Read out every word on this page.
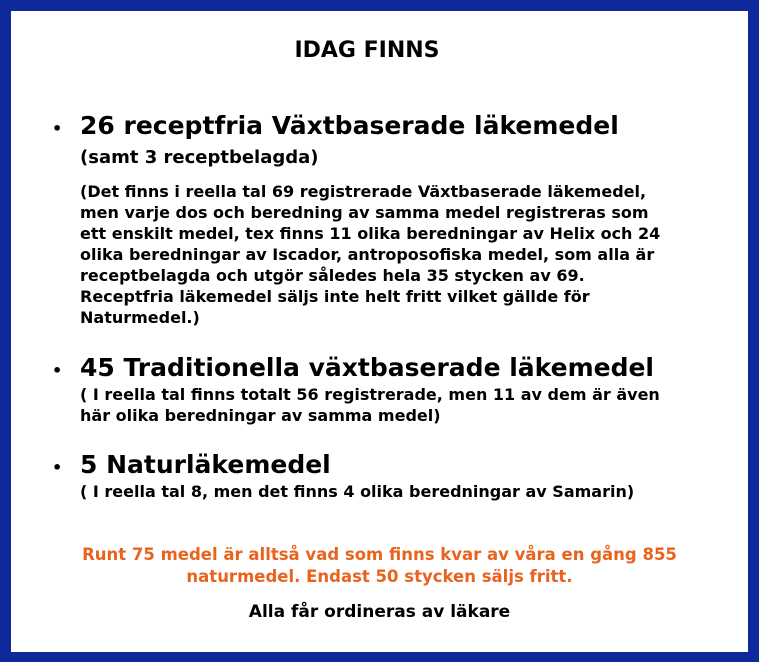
IDAG FINNS
• 26 receptfria Växtbaserade läkemedel
(samt 3 receptbelagda)
(Det finns i reella tal 69 registrerade Växtbaserade läkemedel,
men varje dos och beredning av samma medel registreras som
ett enskilt medel, tex finns 11 olika beredningar av Helix och 24
olika beredningar av Iscador, antroposofiska medel, som alla är
receptbelagda och utgör således hela 35 stycken av 69.
Receptfria läkemedel säljs inte helt fritt vilket gällde för
Naturmedel.)
• 45 Traditionella växtbaserade läkemedel
( I reella tal finns totalt 56 registrerade, men 11 av dem är även
här olika beredningar av samma medel)
• 5 Naturläkemedel
( I reella tal 8, men det finns 4 olika beredningar av Samarin)
Runt 75 medel är alltså vad som finns kvar av våra en gång 855
naturmedel. Endast 50 stycken säljs fritt.
Alla får ordineras av läkare
